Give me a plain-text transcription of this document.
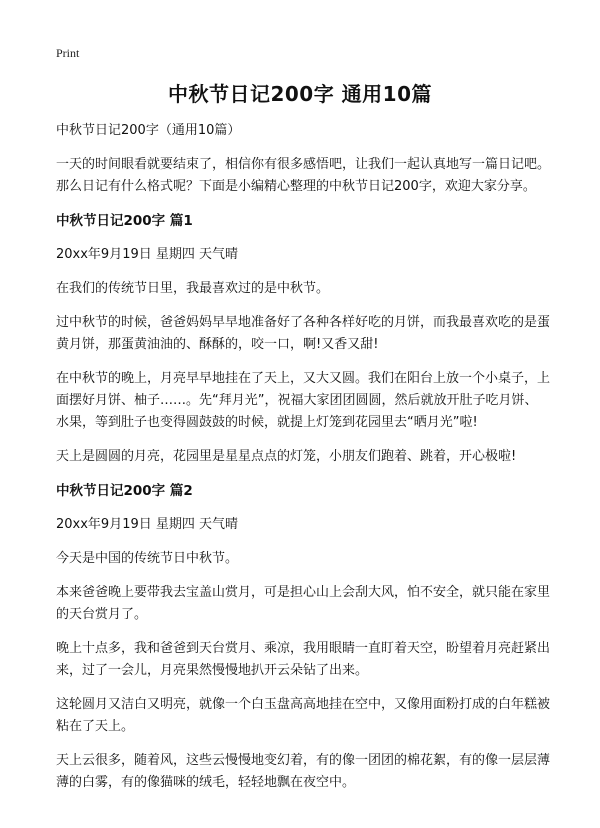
Print
中秋节日记200字 通用10篇

中秋节日记200字（通用10篇）

一天的时间眼看就要结束了，相信你有很多感悟吧，让我们一起认真地写一篇日记吧。那么日记有什么格式呢？下面是小编精心整理的中秋节日记200字，欢迎大家分享。

中秋节日记200字 篇1

20xx年9月19日 星期四 天气晴

在我们的传统节日里，我最喜欢过的是中秋节。

过中秋节的时候，爸爸妈妈早早地准备好了各种各样好吃的月饼，而我最喜欢吃的是蛋黄月饼，那蛋黄油油的、酥酥的，咬一口，啊!又香又甜!

在中秋节的晚上，月亮早早地挂在了天上，又大又圆。我们在阳台上放一个小桌子，上面摆好月饼、柚子……。先“拜月光”，祝福大家团团圆圆，然后就放开肚子吃月饼、水果，等到肚子也变得圆鼓鼓的时候，就提上灯笼到花园里去“晒月光”啦!

天上是圆圆的月亮，花园里是星星点点的灯笼，小朋友们跑着、跳着，开心极啦!

中秋节日记200字 篇2

20xx年9月19日 星期四 天气晴

今天是中国的传统节日中秋节。

本来爸爸晚上要带我去宝盖山赏月，可是担心山上会刮大风，怕不安全，就只能在家里的天台赏月了。

晚上十点多，我和爸爸到天台赏月、乘凉，我用眼睛一直盯着天空，盼望着月亮赶紧出来，过了一会儿，月亮果然慢慢地扒开云朵钻了出来。

这轮圆月又洁白又明亮，就像一个白玉盘高高地挂在空中，又像用面粉打成的白年糕被粘在了天上。

天上云很多，随着风，这些云慢慢地变幻着，有的像一团团的棉花絮，有的像一层层薄薄的白雾，有的像猫咪的绒毛，轻轻地飘在夜空中。
